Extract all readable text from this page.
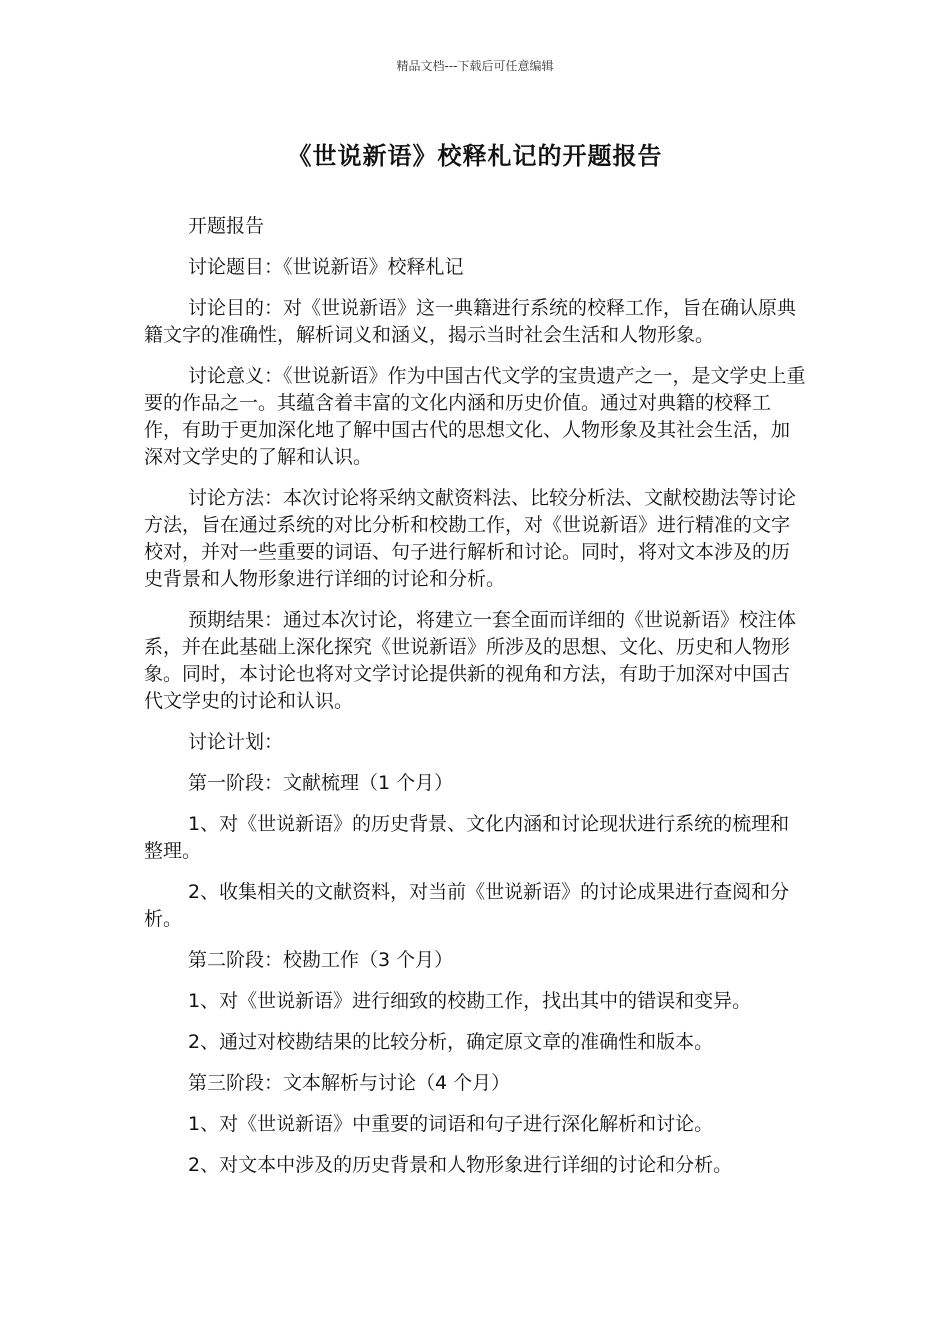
精品文档---下载后可任意编辑
《世说新语》校释札记的开题报告

开题报告

讨论题目：《世说新语》校释札记

讨论目的：对《世说新语》这一典籍进行系统的校释工作，旨在确认原典籍文字的准确性，解析词义和涵义，揭示当时社会生活和人物形象。

讨论意义：《世说新语》作为中国古代文学的宝贵遗产之一，是文学史上重要的作品之一。其蕴含着丰富的文化内涵和历史价值。通过对典籍的校释工作，有助于更加深化地了解中国古代的思想文化、人物形象及其社会生活，加深对文学史的了解和认识。

讨论方法：本次讨论将采纳文献资料法、比较分析法、文献校勘法等讨论方法，旨在通过系统的对比分析和校勘工作，对《世说新语》进行精准的文字校对，并对一些重要的词语、句子进行解析和讨论。同时，将对文本涉及的历史背景和人物形象进行详细的讨论和分析。

预期结果：通过本次讨论，将建立一套全面而详细的《世说新语》校注体系，并在此基础上深化探究《世说新语》所涉及的思想、文化、历史和人物形象。同时，本讨论也将对文学讨论提供新的视角和方法，有助于加深对中国古代文学史的讨论和认识。

讨论计划：

第一阶段：文献梳理（1 个月）

1、对《世说新语》的历史背景、文化内涵和讨论现状进行系统的梳理和整理。

2、收集相关的文献资料，对当前《世说新语》的讨论成果进行查阅和分析。

第二阶段：校勘工作（3 个月）

1、对《世说新语》进行细致的校勘工作，找出其中的错误和变异。

2、通过对校勘结果的比较分析，确定原文章的准确性和版本。

第三阶段：文本解析与讨论（4 个月）

1、对《世说新语》中重要的词语和句子进行深化解析和讨论。

2、对文本中涉及的历史背景和人物形象进行详细的讨论和分析。
